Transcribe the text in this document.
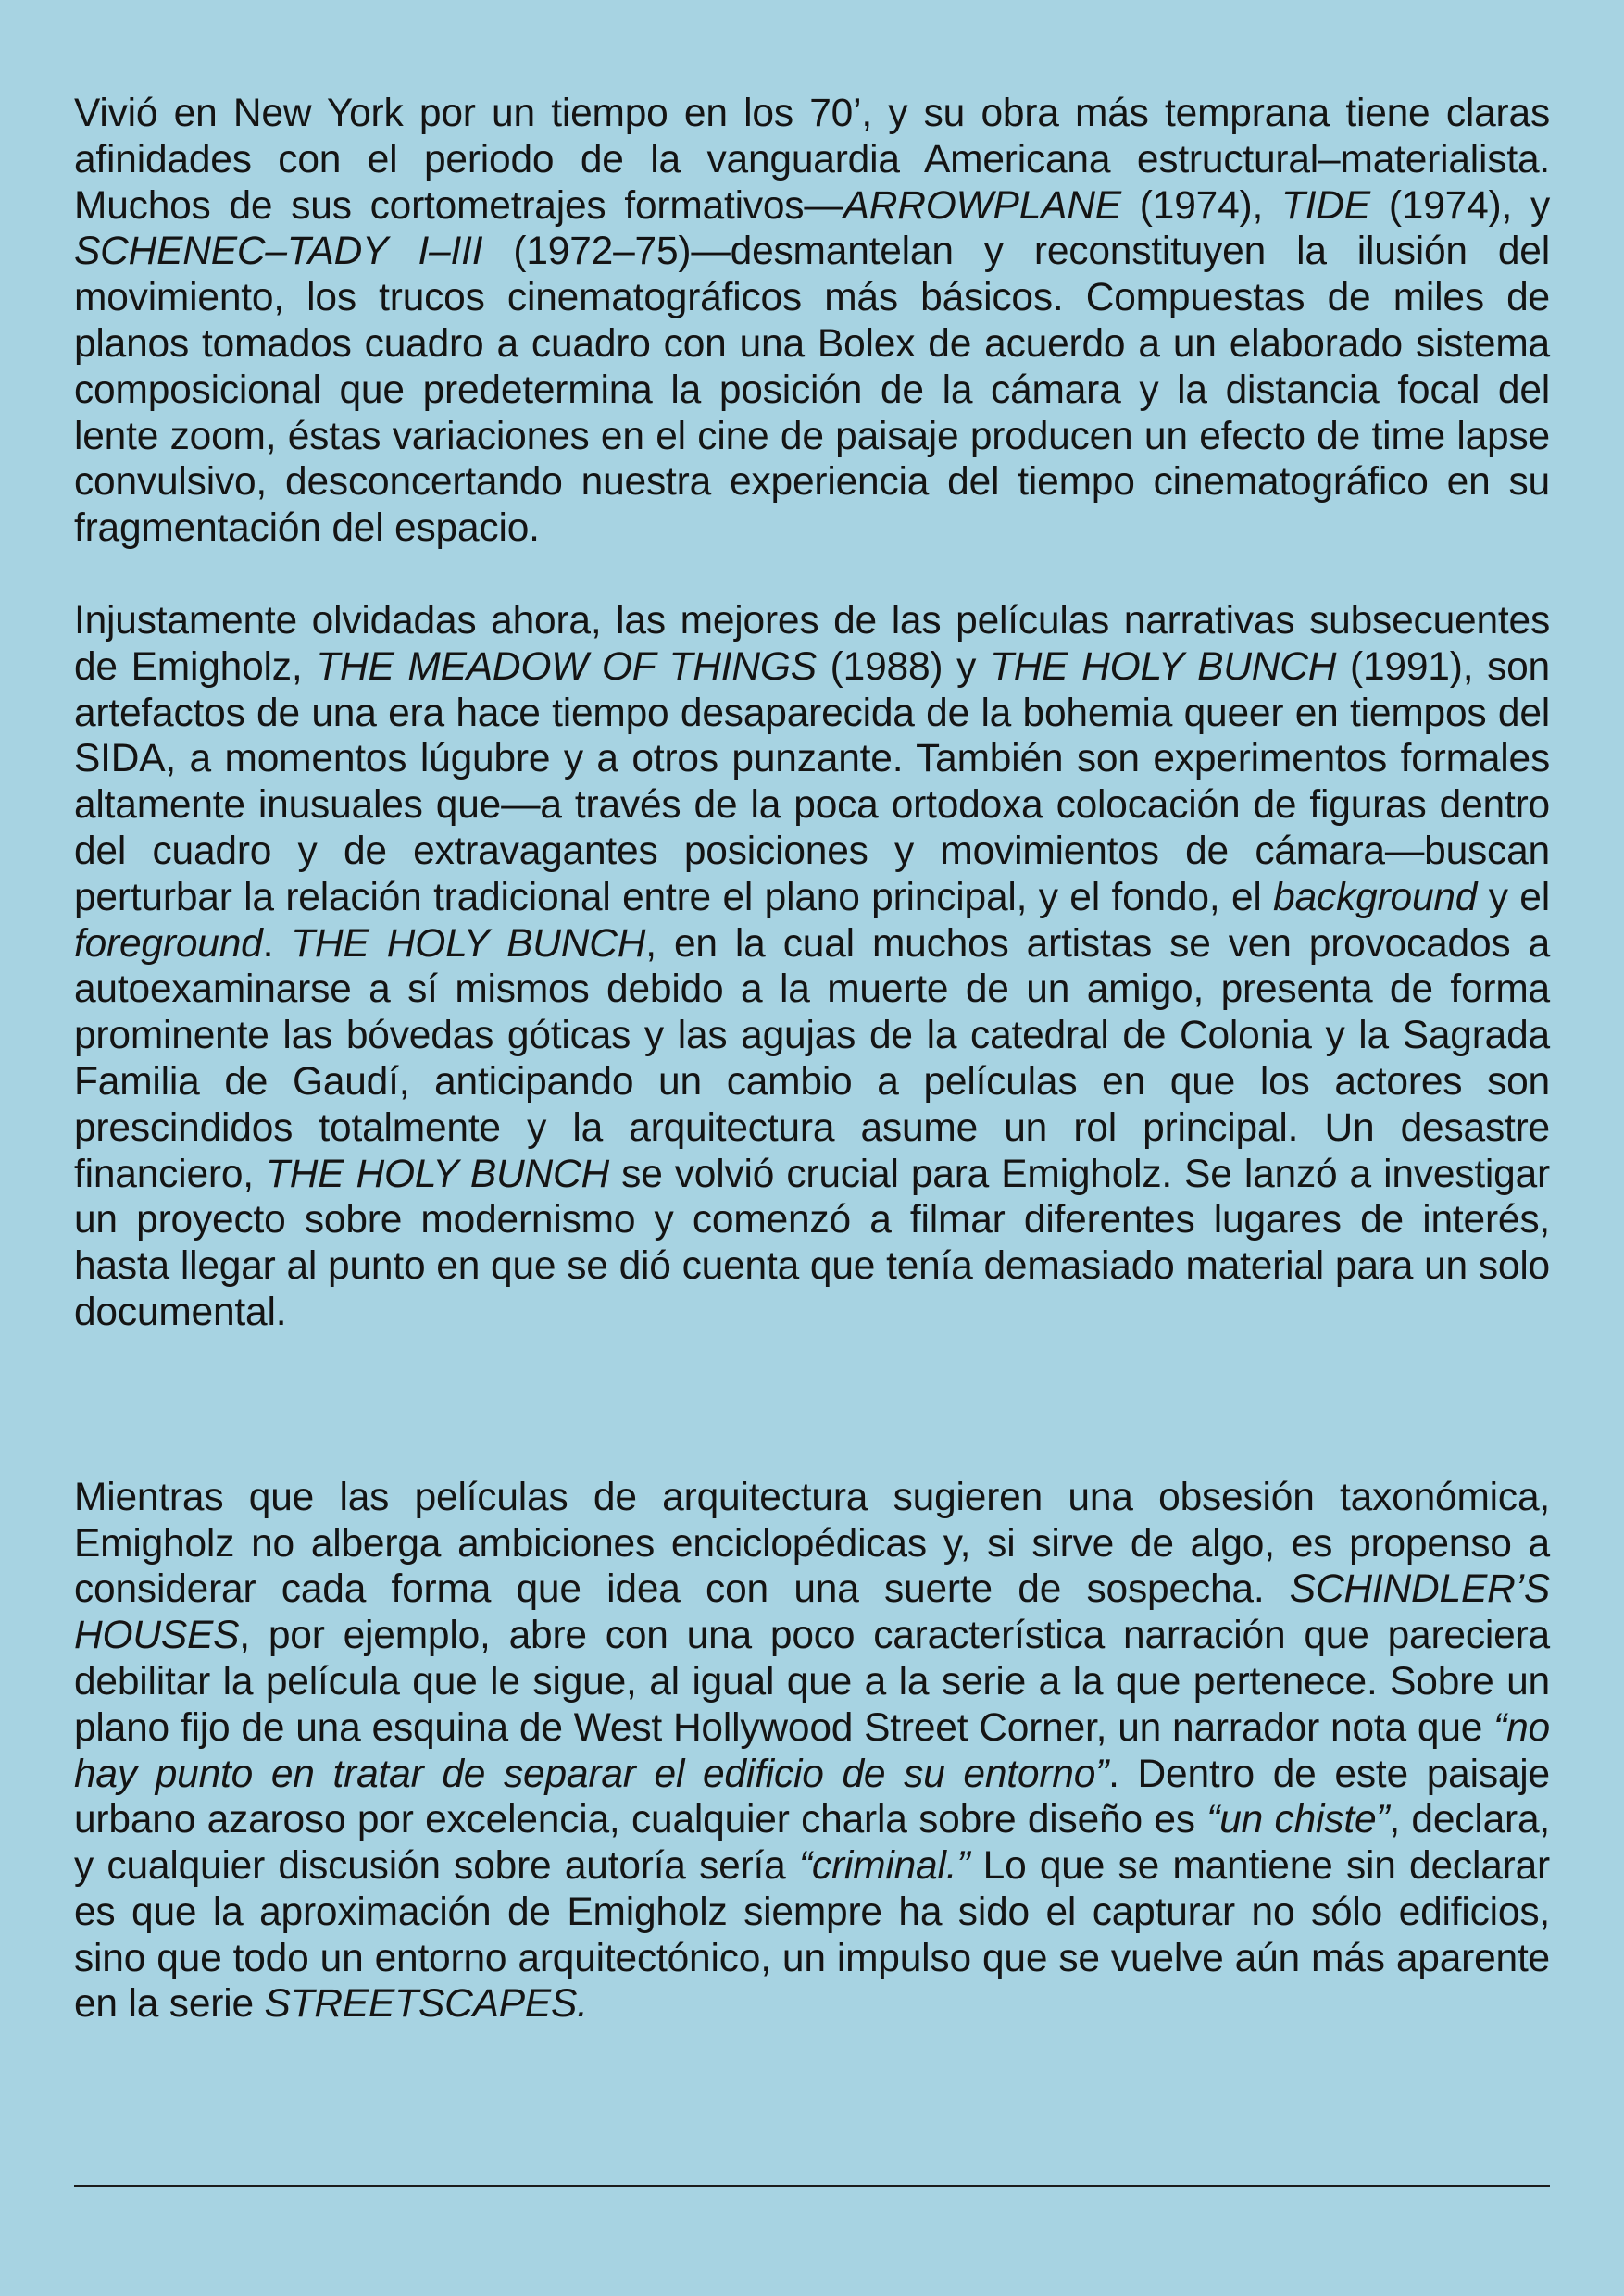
Vivió en New York por un tiempo en los 70’, y su obra más temprana tiene claras afinidades con el periodo de la vanguardia Americana estructural–materialista. Muchos de sus cortometrajes formativos—ARROWPLANE (1974), TIDE (1974), y SCHENEC–TADY I–III (1972–75)—desmantelan y reconstituyen la ilusión del movimiento, los trucos cinematográficos más básicos. Compuestas de miles de planos tomados cuadro a cuadro con una Bolex de acuerdo a un elaborado sistema composicional que predetermina la posición de la cámara y la distancia focal del lente zoom, éstas variaciones en el cine de paisaje producen un efecto de time lapse convulsivo, desconcertando nuestra experiencia del tiempo cinematográfico en su fragmentación del espacio.

Injustamente olvidadas ahora, las mejores de las películas narrativas subsecuentes de Emigholz, THE MEADOW OF THINGS (1988) y THE HOLY BUNCH (1991), son artefactos de una era hace tiempo desaparecida de la bohemia queer en tiempos del SIDA, a momentos lúgubre y a otros punzante. También son experimentos formales altamente inusuales que—a través de la poca ortodoxa colocación de figuras dentro del cuadro y de extravagantes posiciones y movimientos de cámara—buscan perturbar la relación tradicional entre el plano principal, y el fondo, el background y el foreground. THE HOLY BUNCH, en la cual muchos artistas se ven provocados a autoexaminarse a sí mismos debido a la muerte de un amigo, presenta de forma prominente las bóvedas góticas y las agujas de la catedral de Colonia y la Sagrada Familia de Gaudí, anticipando un cambio a películas en que los actores son prescindidos totalmente y la arquitectura asume un rol principal. Un desastre financiero, THE HOLY BUNCH se volvió crucial para Emigholz. Se lanzó a investigar un proyecto sobre modernismo y comenzó a filmar diferentes lugares de interés, hasta llegar al punto en que se dió cuenta que tenía demasiado material para un solo documental.

Mientras que las películas de arquitectura sugieren una obsesión taxonómica, Emigholz no alberga ambiciones enciclopédicas y, si sirve de algo, es propenso a considerar cada forma que idea con una suerte de sospecha. SCHINDLER’S HOUSES, por ejemplo, abre con una poco característica narración que pareciera debilitar la película que le sigue, al igual que a la serie a la que pertenece. Sobre un plano fijo de una esquina de West Hollywood Street Corner, un narrador nota que “no hay punto en tratar de separar el edificio de su entorno”. Dentro de este paisaje urbano azaroso por excelencia, cualquier charla sobre diseño es “un chiste”, declara, y cualquier discusión sobre autoría sería “criminal.” Lo que se mantiene sin declarar es que la aproximación de Emigholz siempre ha sido el capturar no sólo edificios, sino que todo un entorno arquitectónico, un impulso que se vuelve aún más aparente en la serie STREETSCAPES.
